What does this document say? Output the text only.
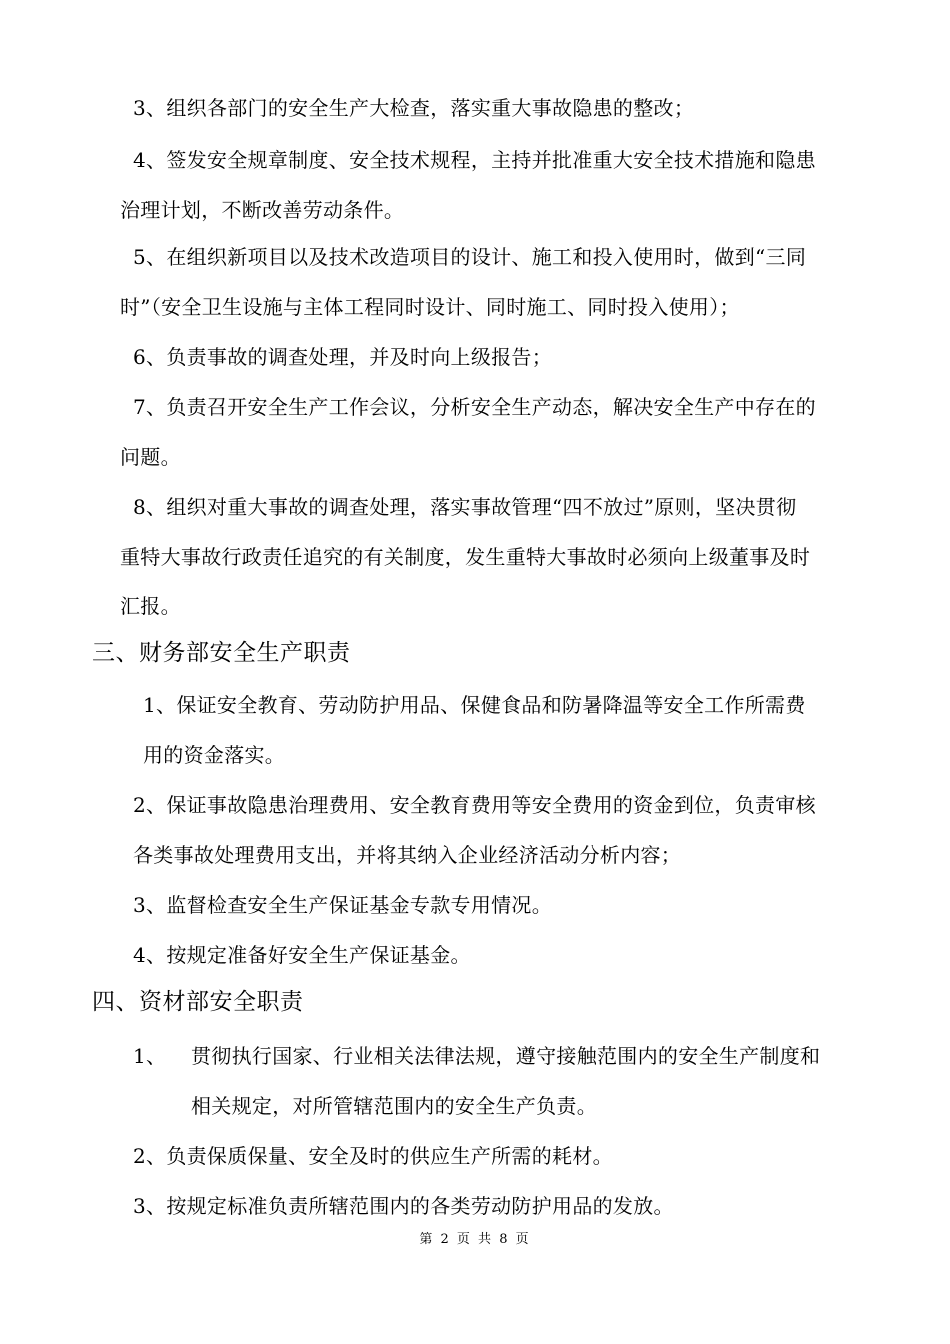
3、组织各部门的安全生产大检查，落实重大事故隐患的整改；
4、签发安全规章制度、安全技术规程，主持并批准重大安全技术措施和隐患
治理计划，不断改善劳动条件。
5、在组织新项目以及技术改造项目的设计、施工和投入使用时，做到“三同
时”（安全卫生设施与主体工程同时设计、同时施工、同时投入使用）；
6、负责事故的调查处理，并及时向上级报告；
7、负责召开安全生产工作会议，分析安全生产动态，解决安全生产中存在的
问题。
8、组织对重大事故的调查处理，落实事故管理“四不放过”原则，坚决贯彻
重特大事故行政责任追究的有关制度，发生重特大事故时必须向上级董事及时
汇报。
三、财务部安全生产职责
1、保证安全教育、劳动防护用品、保健食品和防暑降温等安全工作所需费
用的资金落实。
2、保证事故隐患治理费用、安全教育费用等安全费用的资金到位，负责审核
各类事故处理费用支出，并将其纳入企业经济活动分析内容；
3、监督检查安全生产保证基金专款专用情况。
4、按规定准备好安全生产保证基金。
四、资材部安全职责
1、 贯彻执行国家、行业相关法律法规，遵守接触范围内的安全生产制度和
相关规定，对所管辖范围内的安全生产负责。
2、负责保质保量、安全及时的供应生产所需的耗材。
3、按规定标准负责所辖范围内的各类劳动防护用品的发放。
第 2 页 共 8 页
